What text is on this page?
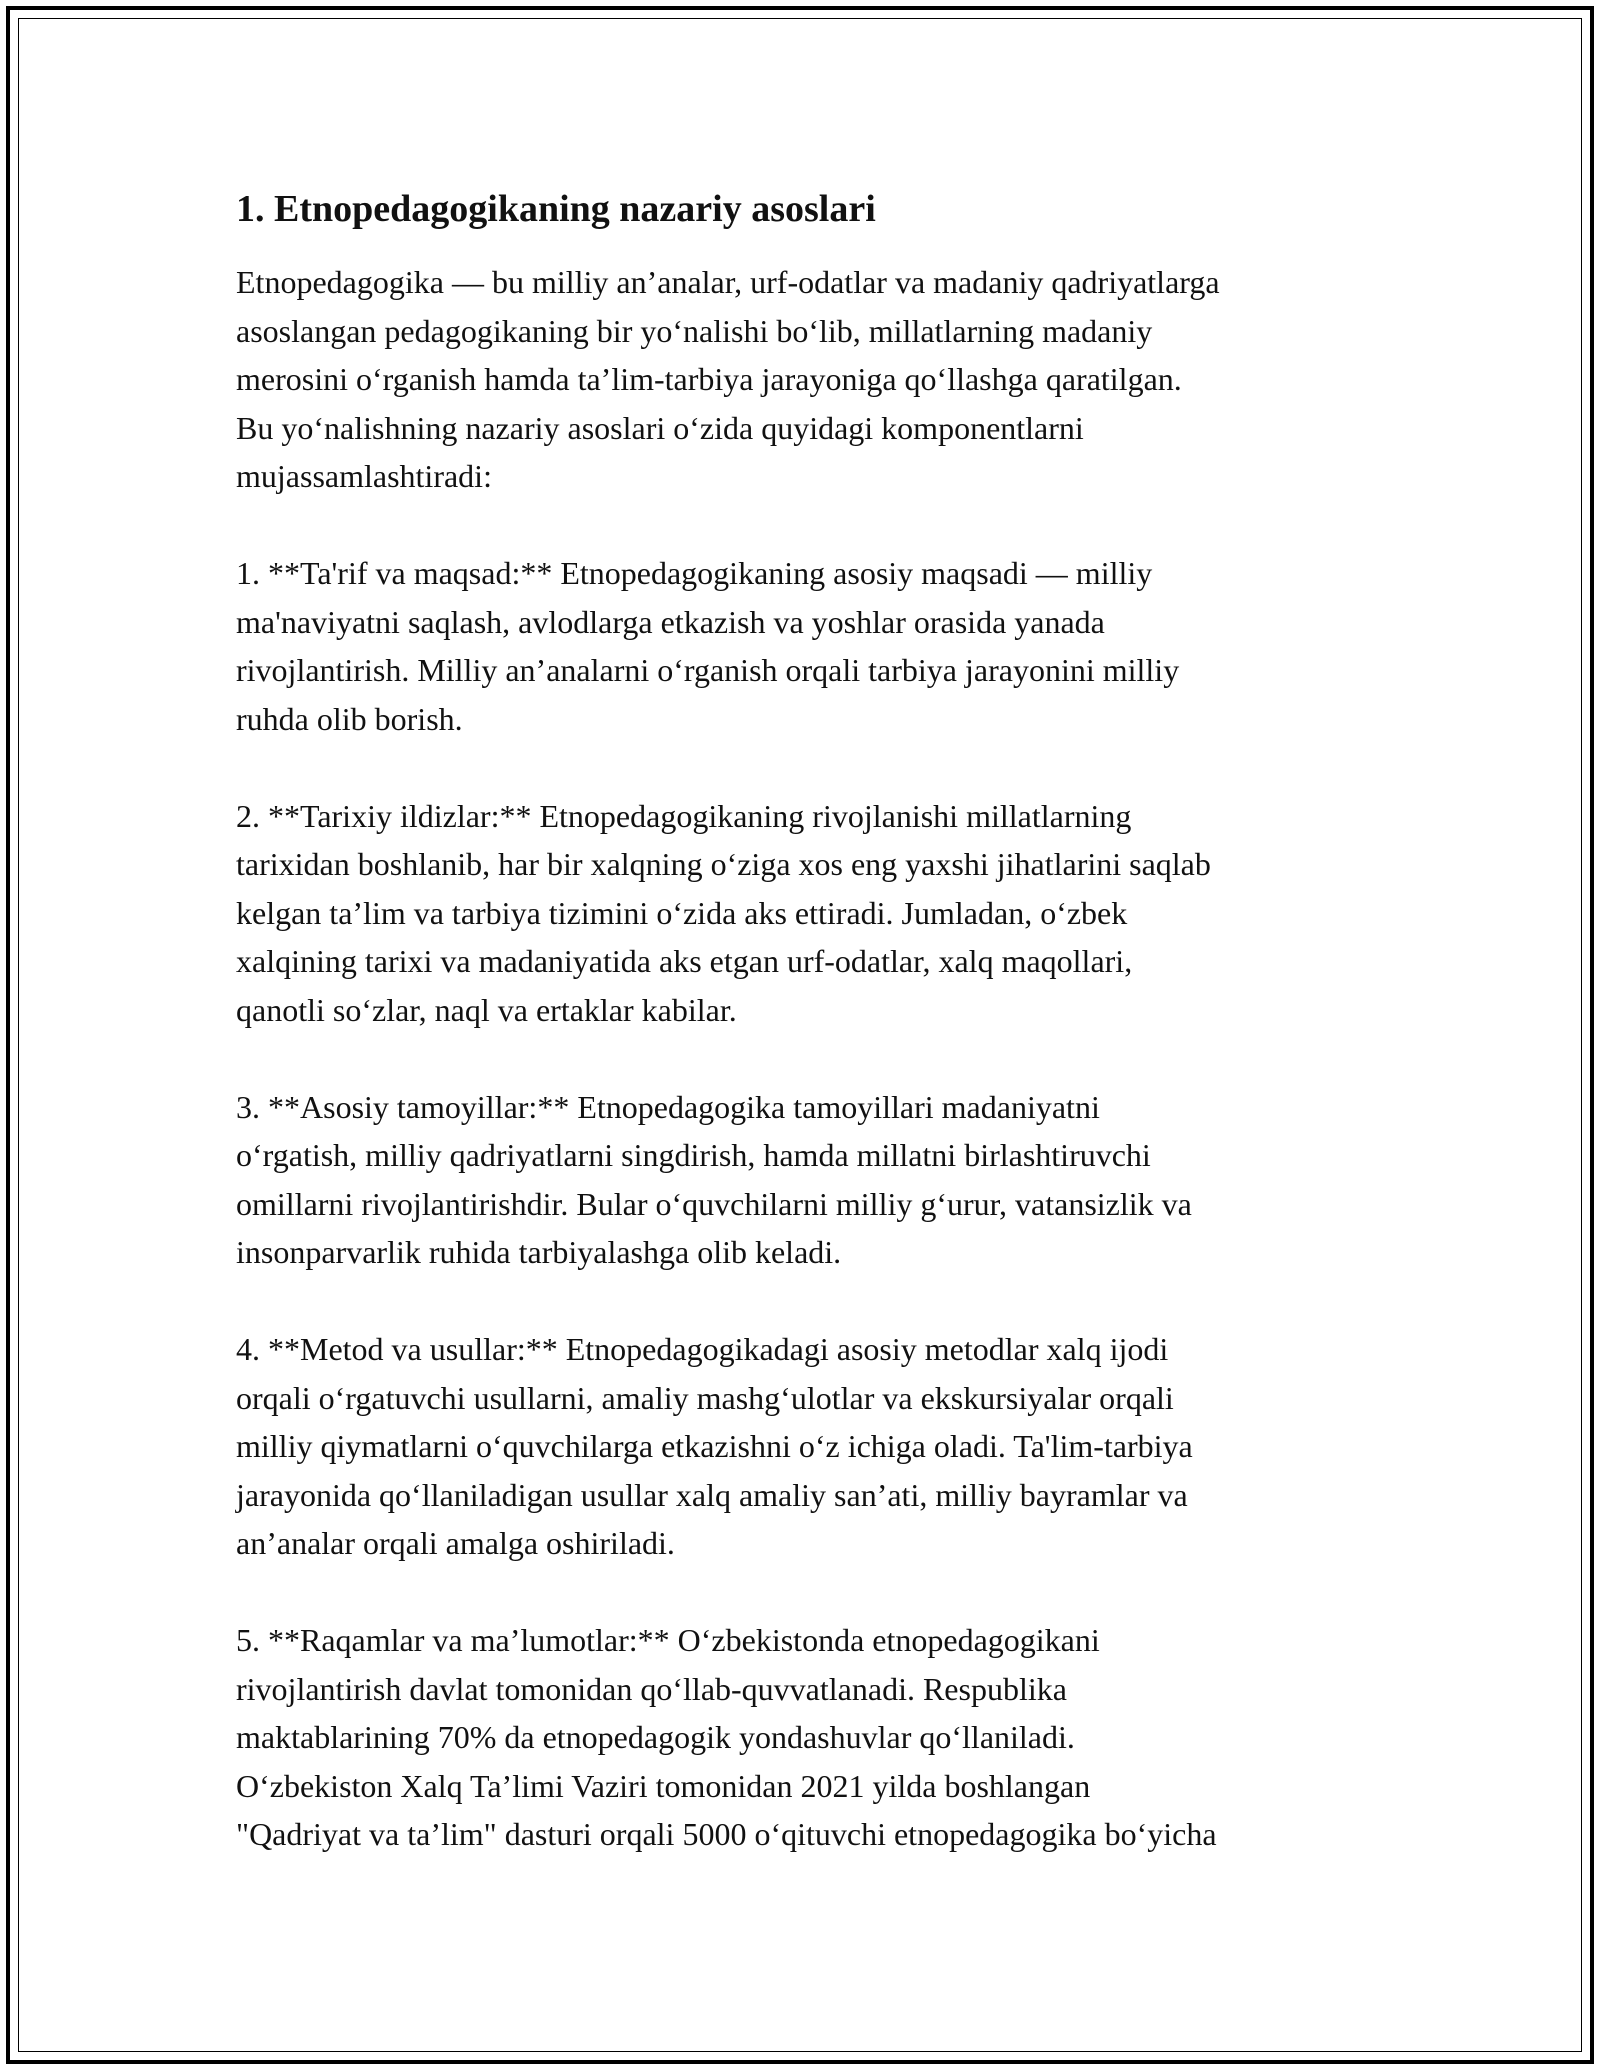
1. Etnopedagogikaning nazariy asoslari

Etnopedagogika — bu milliy an’analar, urf-odatlar va madaniy qadriyatlarga
asoslangan pedagogikaning bir yoʻnalishi boʻlib, millatlarning madaniy
merosini oʻrganish hamda taʼlim-tarbiya jarayoniga qoʻllashga qaratilgan.
Bu yoʻnalishning nazariy asoslari oʻzida quyidagi komponentlarni
mujassamlashtiradi:

1. **Ta'rif va maqsad:** Etnopedagogikaning asosiy maqsadi — milliy
ma'naviyatni saqlash, avlodlarga etkazish va yoshlar orasida yanada
rivojlantirish. Milliy an’analarni oʻrganish orqali tarbiya jarayonini milliy
ruhda olib borish.

2. **Tarixiy ildizlar:** Etnopedagogikaning rivojlanishi millatlarning
tarixidan boshlanib, har bir xalqning oʻziga xos eng yaxshi jihatlarini saqlab
kelgan taʼlim va tarbiya tizimini oʻzida aks ettiradi. Jumladan, oʻzbek
xalqining tarixi va madaniyatida aks etgan urf-odatlar, xalq maqollari,
qanotli soʻzlar, naql va ertaklar kabilar.

3. **Asosiy tamoyillar:** Etnopedagogika tamoyillari madaniyatni
oʻrgatish, milliy qadriyatlarni singdirish, hamda millatni birlashtiruvchi
omillarni rivojlantirishdir. Bular oʻquvchilarni milliy gʻurur, vatansizlik va
insonparvarlik ruhida tarbiyalashga olib keladi.

4. **Metod va usullar:** Etnopedagogikadagi asosiy metodlar xalq ijodi
orqali oʻrgatuvchi usullarni, amaliy mashgʻulotlar va ekskursiyalar orqali
milliy qiymatlarni oʻquvchilarga etkazishni oʻz ichiga oladi. Ta'lim-tarbiya
jarayonida qoʻllaniladigan usullar xalq amaliy sanʼati, milliy bayramlar va
an’analar orqali amalga oshiriladi.

5. **Raqamlar va maʼlumotlar:** Oʻzbekistonda etnopedagogikani
rivojlantirish davlat tomonidan qoʻllab-quvvatlanadi. Respublika
maktablarining 70% da etnopedagogik yondashuvlar qoʻllaniladi.
Oʻzbekiston Xalq Taʼlimi Vaziri tomonidan 2021 yilda boshlangan
"Qadriyat va taʼlim" dasturi orqali 5000 oʻqituvchi etnopedagogika boʻyicha
